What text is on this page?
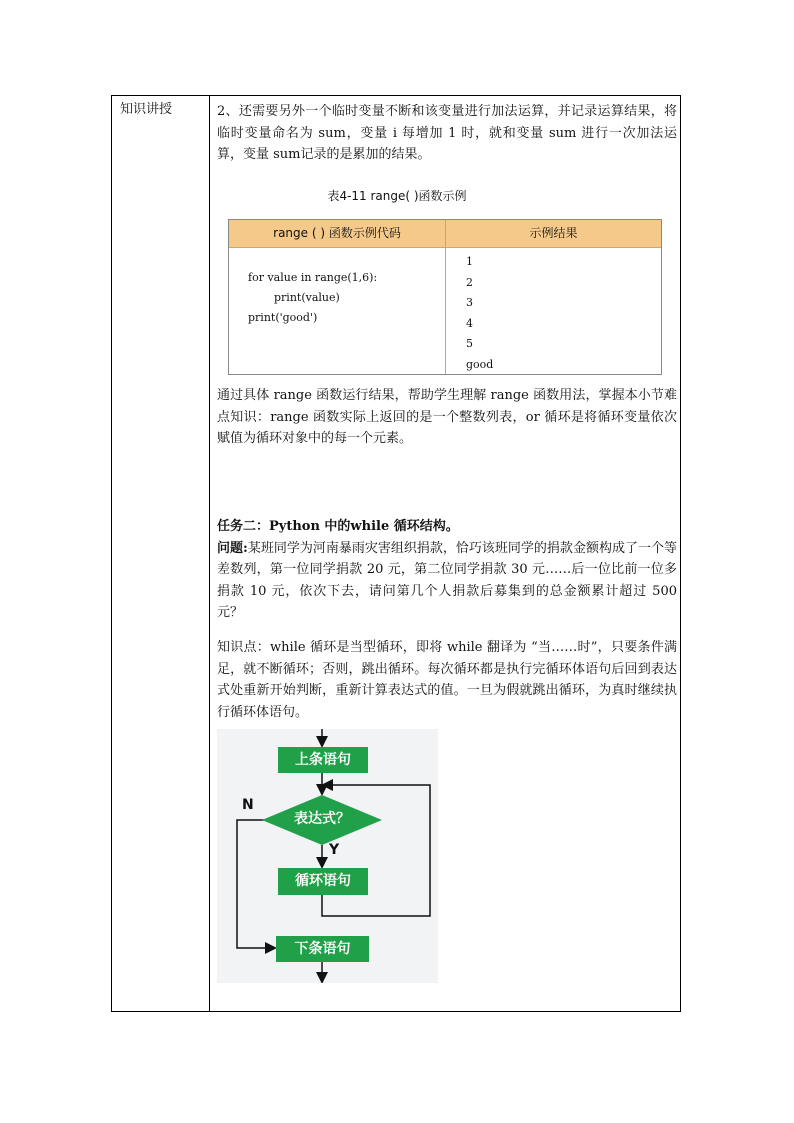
知识讲授	2、还需要另外一个临时变量不断和该变量进行加法运算，并记录运算结果，将临时变量命名为 sum，变量 i 每增加 1 时，就和变量 sum 进行一次加法运算，变量 sum记录的是累加的结果。

表4-11 range( )函数示例
range ( ) 函数示例代码	示例结果
for value in range(1,6):
print(value)
print('good')
1
2
3
4
5
good

通过具体 range 函数运行结果，帮助学生理解 range 函数用法，掌握本小节难点知识：range 函数实际上返回的是一个整数列表，or 循环是将循环变量依次赋值为循环对象中的每一个元素。

任务二：Python 中的while 循环结构。

问题:某班同学为河南暴雨灾害组织捐款，恰巧该班同学的捐款金额构成了一个等差数列，第一位同学捐款 20 元，第二位同学捐款 30 元……后一位比前一位多捐款 10 元，依次下去，请问第几个人捐款后募集到的总金额累计超过 500 元？

知识点：while 循环是当型循环，即将 while 翻译为 “当……时”，只要条件满足，就不断循环；否则，跳出循环。每次循环都是执行完循环体语句后回到表达式处重新开始判断，重新计算表达式的值。一旦为假就跳出循环，为真时继续执行循环体语句。

上条语句
表达式？
N
Y
循环语句
下条语句
